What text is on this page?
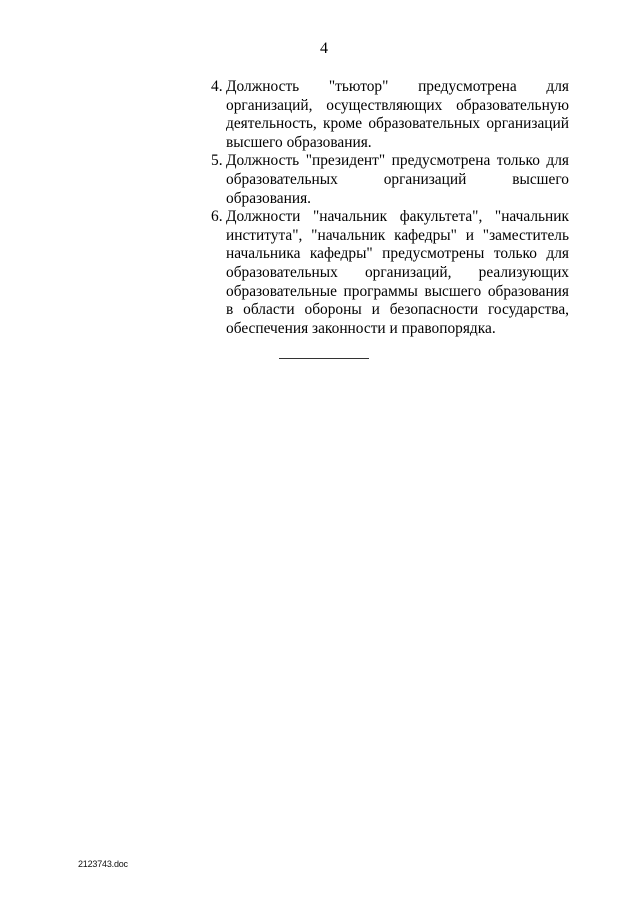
4
4. Должность "тьютор" предусмотрена для организаций, осуществляющих образовательную деятельность, кроме образовательных организаций высшего образования.
5. Должность "президент" предусмотрена только для образовательных организаций высшего образования.
6. Должности "начальник факультета", "начальник института", "начальник кафедры" и "заместитель начальника кафедры" предусмотрены только для образовательных организаций, реализующих образовательные программы высшего образования в области обороны и безопасности государства, обеспечения законности и правопорядка.
2123743.doc
